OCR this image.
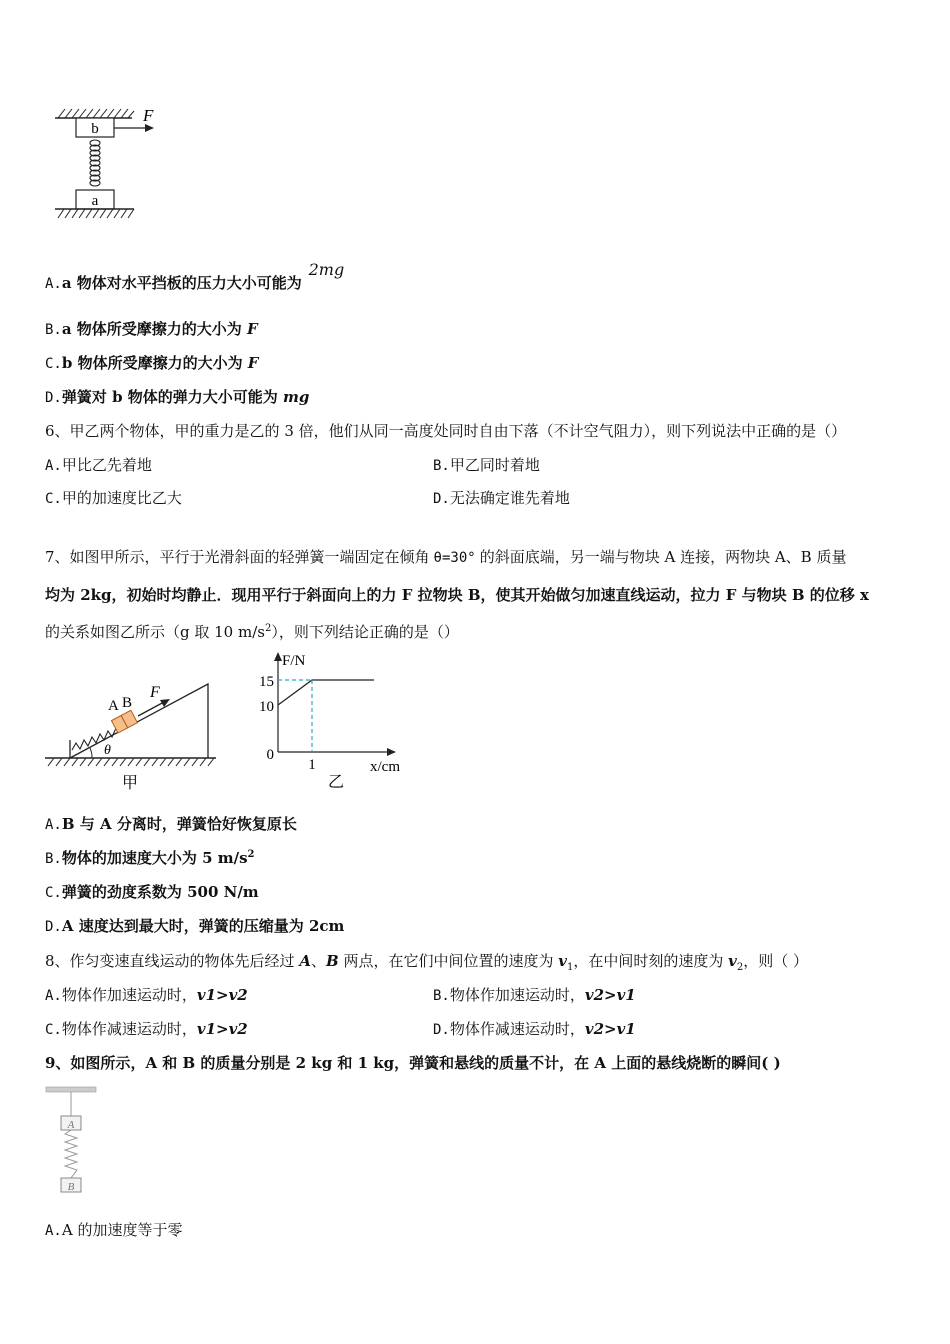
b
F
a
A.a 物体对水平挡板的压力大小可能为 2mg
B.a 物体所受摩擦力的大小为 F
C.b 物体所受摩擦力的大小为 F
D.弹簧对 b 物体的弹力大小可能为 mg
6、甲乙两个物体，甲的重力是乙的 3 倍，他们从同一高度处同时自由下落（不计空气阻力），则下列说法中正确的是（）
A.甲比乙先着地	B.甲乙同时着地
C.甲的加速度比乙大	D.无法确定谁先着地
7、如图甲所示，平行于光滑斜面的轻弹簧一端固定在倾角 θ=30° 的斜面底端，另一端与物块 A 连接，两物块 A、B 质量
均为 2kg，初始时均静止．现用平行于斜面向上的力 F 拉物块 B，使其开始做匀加速直线运动，拉力 F 与物块 B 的位移 x
的关系如图乙所示（g 取 10 $m/s^2$），则下列结论正确的是（）
A B
F
θ
甲
F/N
x/cm
15
10
0
1
乙
A.B 与 A 分离时，弹簧恰好恢复原长
B.物体的加速度大小为 5 $m/s^2$
C.弹簧的劲度系数为 500 N/m
D.A 速度达到最大时，弹簧的压缩量为 2cm
8、作匀变速直线运动的物体先后经过 A、B 两点，在它们中间位置的速度为 $v_1$，在中间时刻的速度为 $v_2$，则（ ）
A.物体作加速运动时，v1>v2	B.物体作加速运动时，v2>v1
C.物体作减速运动时，v1>v2	D.物体作减速运动时，v2>v1
9、如图所示，A 和 B 的质量分别是 2 kg 和 1 kg，弹簧和悬线的质量不计，在 A 上面的悬线烧断的瞬间( )
A
B
A.A 的加速度等于零
